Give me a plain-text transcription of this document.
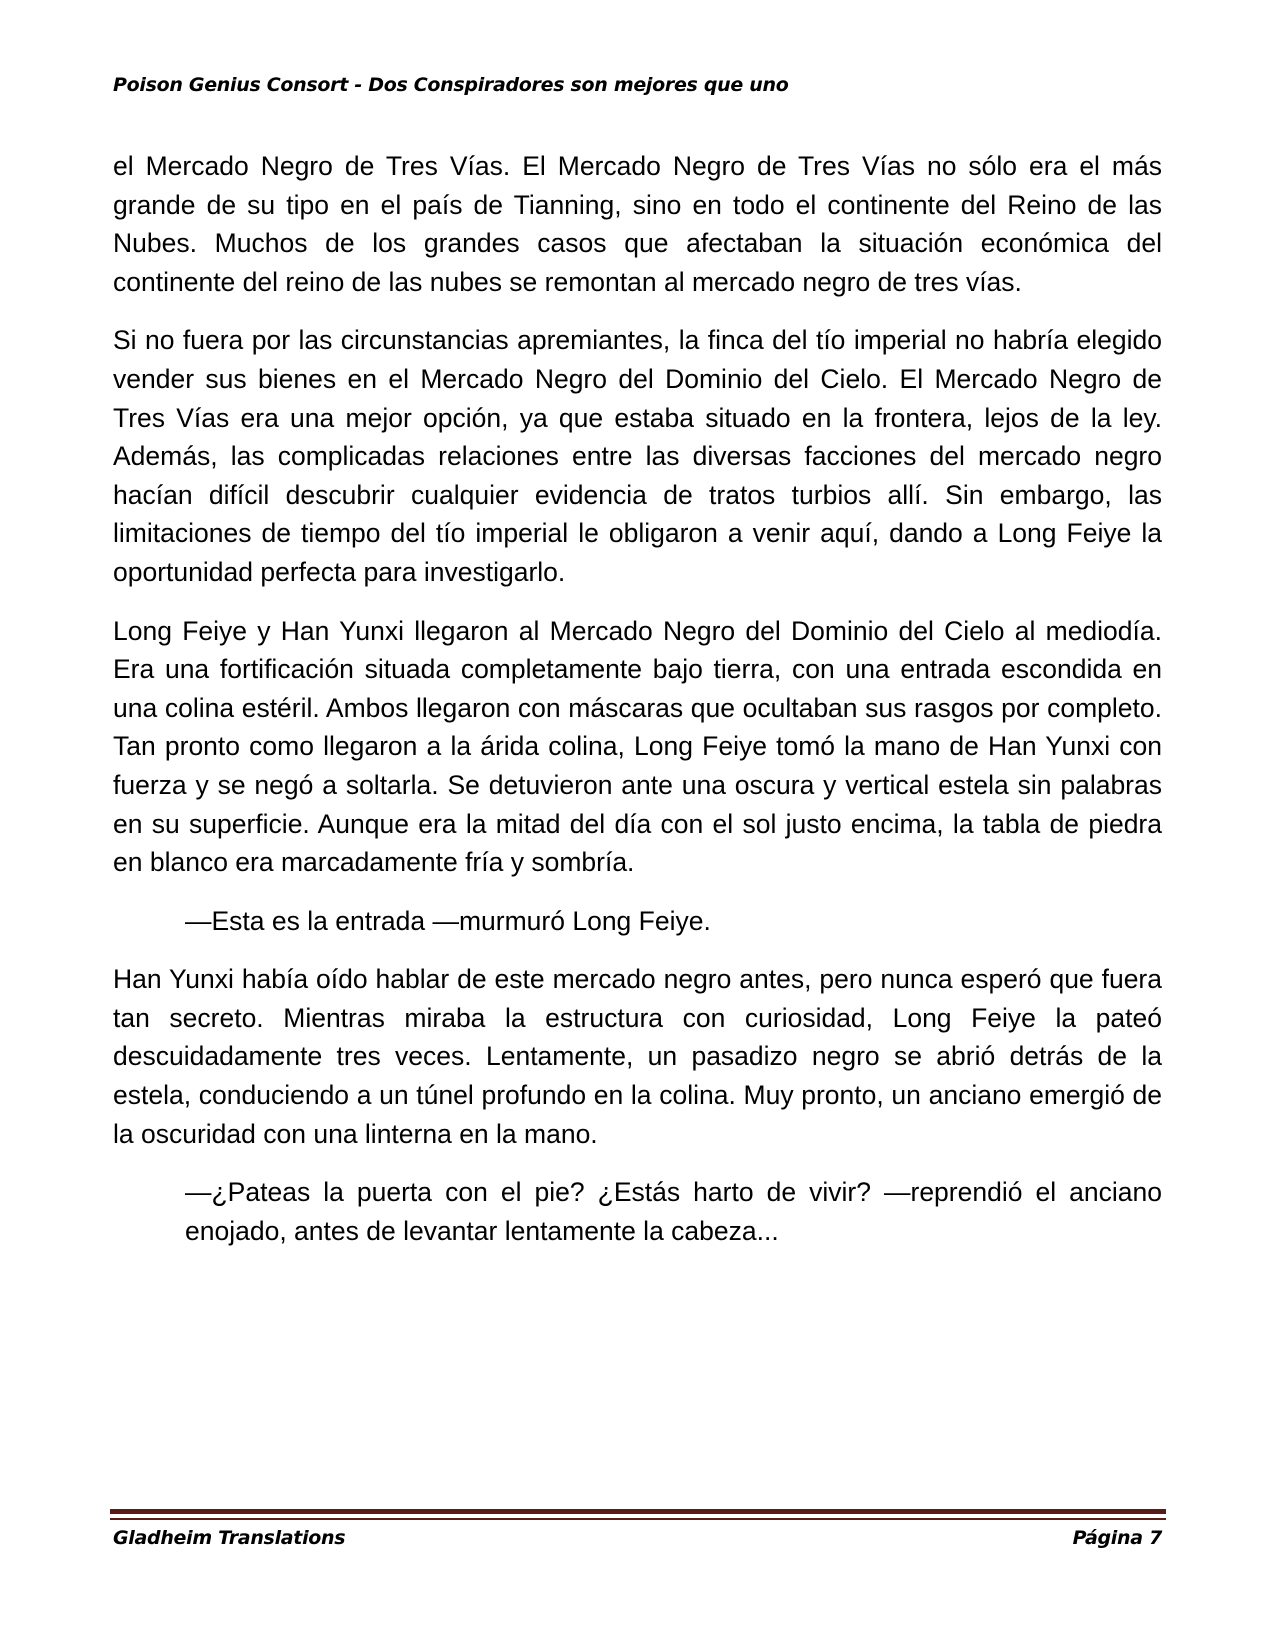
Poison Genius Consort - Dos Conspiradores son mejores que uno

el Mercado Negro de Tres Vías. El Mercado Negro de Tres Vías no sólo era el más grande de su tipo en el país de Tianning, sino en todo el continente del Reino de las Nubes. Muchos de los grandes casos que afectaban la situación económica del continente del reino de las nubes se remontan al mercado negro de tres vías.

Si no fuera por las circunstancias apremiantes, la finca del tío imperial no habría elegido vender sus bienes en el Mercado Negro del Dominio del Cielo. El Mercado Negro de Tres Vías era una mejor opción, ya que estaba situado en la frontera, lejos de la ley. Además, las complicadas relaciones entre las diversas facciones del mercado negro hacían difícil descubrir cualquier evidencia de tratos turbios allí. Sin embargo, las limitaciones de tiempo del tío imperial le obligaron a venir aquí, dando a Long Feiye la oportunidad perfecta para investigarlo.

Long Feiye y Han Yunxi llegaron al Mercado Negro del Dominio del Cielo al mediodía. Era una fortificación situada completamente bajo tierra, con una entrada escondida en una colina estéril. Ambos llegaron con máscaras que ocultaban sus rasgos por completo. Tan pronto como llegaron a la árida colina, Long Feiye tomó la mano de Han Yunxi con fuerza y se negó a soltarla. Se detuvieron ante una oscura y vertical estela sin palabras en su superficie. Aunque era la mitad del día con el sol justo encima, la tabla de piedra en blanco era marcadamente fría y sombría.

—Esta es la entrada —murmuró Long Feiye.

Han Yunxi había oído hablar de este mercado negro antes, pero nunca esperó que fuera tan secreto. Mientras miraba la estructura con curiosidad, Long Feiye la pateó descuidadamente tres veces. Lentamente, un pasadizo negro se abrió detrás de la estela, conduciendo a un túnel profundo en la colina. Muy pronto, un anciano emergió de la oscuridad con una linterna en la mano.

—¿Pateas la puerta con el pie? ¿Estás harto de vivir? —reprendió el anciano enojado, antes de levantar lentamente la cabeza...

Gladheim Translations	Página 7
